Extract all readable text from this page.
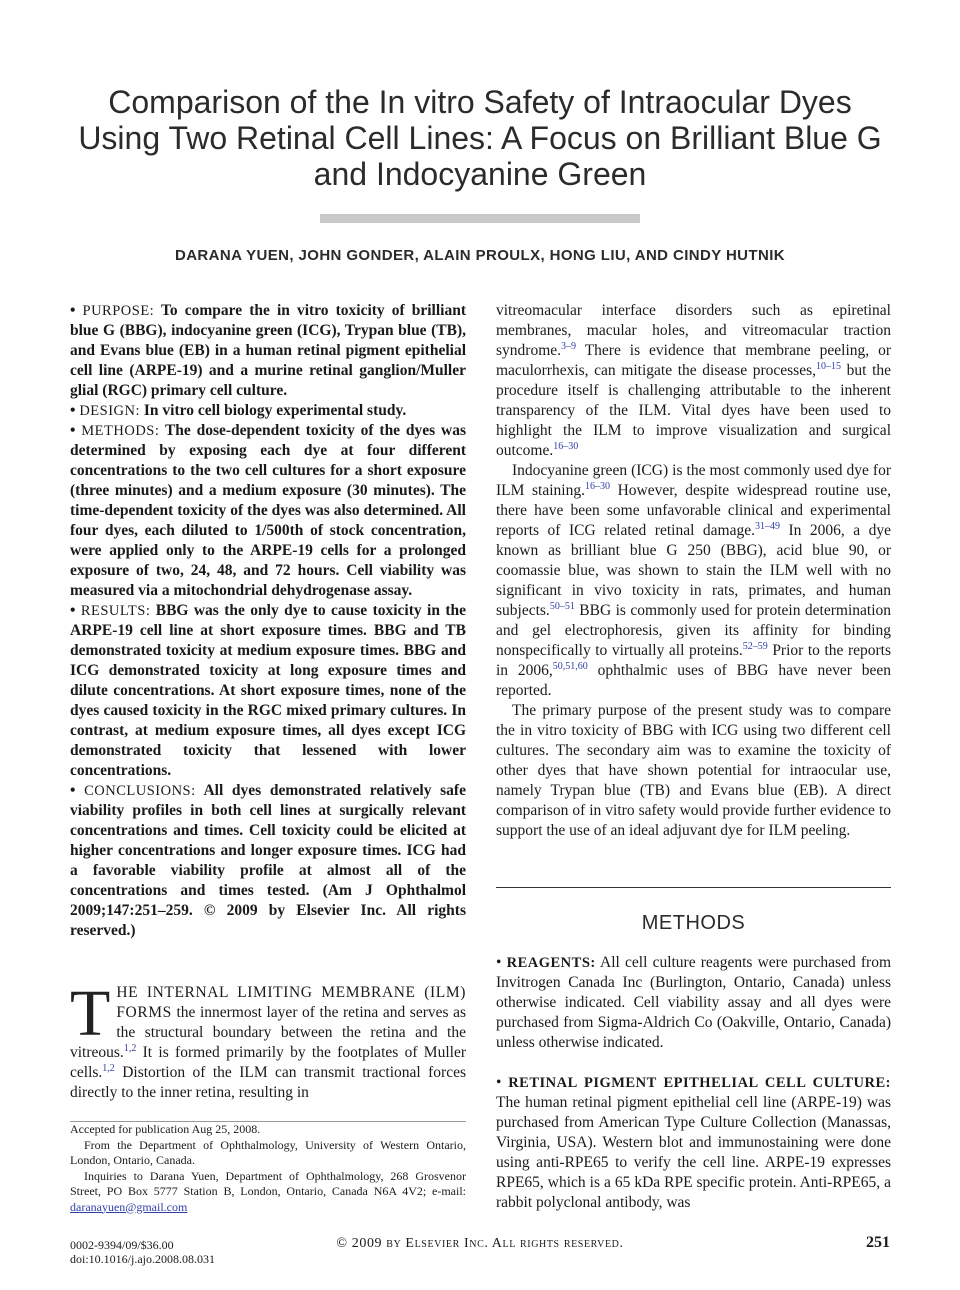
Comparison of the In vitro Safety of Intraocular Dyes Using Two Retinal Cell Lines: A Focus on Brilliant Blue G and Indocyanine Green
DARANA YUEN, JOHN GONDER, ALAIN PROULX, HONG LIU, AND CINDY HUTNIK

• PURPOSE: To compare the in vitro toxicity of brilliant blue G (BBG), indocyanine green (ICG), Trypan blue (TB), and Evans blue (EB) in a human retinal pigment epithelial cell line (ARPE-19) and a murine retinal ganglion/Muller glial (RGC) primary cell culture.

• DESIGN: In vitro cell biology experimental study.

• METHODS: The dose-dependent toxicity of the dyes was determined by exposing each dye at four different concentrations to the two cell cultures for a short exposure (three minutes) and a medium exposure (30 minutes). The time-dependent toxicity of the dyes was also determined. All four dyes, each diluted to 1/500th of stock concentration, were applied only to the ARPE-19 cells for a prolonged exposure of two, 24, 48, and 72 hours. Cell viability was measured via a mitochondrial dehydrogenase assay.

• RESULTS: BBG was the only dye to cause toxicity in the ARPE-19 cell line at short exposure times. BBG and TB demonstrated toxicity at medium exposure times. BBG and ICG demonstrated toxicity at long exposure times and dilute concentrations. At short exposure times, none of the dyes caused toxicity in the RGC mixed primary cultures. In contrast, at medium exposure times, all dyes except ICG demonstrated toxicity that lessened with lower concentrations.

• CONCLUSIONS: All dyes demonstrated relatively safe viability profiles in both cell lines at surgically relevant concentrations and times. Cell toxicity could be elicited at higher concentrations and longer exposure times. ICG had a favorable viability profile at almost all of the concentrations and times tested. (Am J Ophthalmol 2009;147:251–259. © 2009 by Elsevier Inc. All rights reserved.)

T HE INTERNAL LIMITING MEMBRANE (ILM) FORMS the innermost layer of the retina and serves as the structural boundary between the retina and the vitreous.$^{1,2}$ It is formed primarily by the footplates of Muller cells.$^{1,2}$ Distortion of the ILM can transmit tractional forces directly to the inner retina, resulting in

Accepted for publication Aug 25, 2008.

From the Department of Ophthalmology, University of Western Ontario, London, Ontario, Canada.

Inquiries to Darana Yuen, Department of Ophthalmology, 268 Grosvenor Street, PO Box 5777 Station B, London, Ontario, Canada N6A 4V2; e-mail: daranayuen@gmail.com

vitreomacular interface disorders such as epiretinal membranes, macular holes, and vitreomacular traction syndrome.$^{3-9}$ There is evidence that membrane peeling, or maculorrhexis, can mitigate the disease processes,$^{10-15}$ but the procedure itself is challenging attributable to the inherent transparency of the ILM. Vital dyes have been used to highlight the ILM to improve visualization and surgical outcome.$^{16-30}$

Indocyanine green (ICG) is the most commonly used dye for ILM staining.$^{16-30}$ However, despite widespread routine use, there have been some unfavorable clinical and experimental reports of ICG related retinal damage.$^{31-49}$ In 2006, a dye known as brilliant blue G 250 (BBG), acid blue 90, or coomassie blue, was shown to stain the ILM well with no significant in vivo toxicity in rats, primates, and human subjects.$^{50-51}$ BBG is commonly used for protein determination and gel electrophoresis, given its affinity for binding nonspecifically to virtually all proteins.$^{52-59}$ Prior to the reports in 2006,$^{50,51,60}$ ophthalmic uses of BBG have never been reported.

The primary purpose of the present study was to compare the in vitro toxicity of BBG with ICG using two different cell cultures. The secondary aim was to examine the toxicity of other dyes that have shown potential for intraocular use, namely Trypan blue (TB) and Evans blue (EB). A direct comparison of in vitro safety would provide further evidence to support the use of an ideal adjuvant dye for ILM peeling.

METHODS

• REAGENTS: All cell culture reagents were purchased from Invitrogen Canada Inc (Burlington, Ontario, Canada) unless otherwise indicated. Cell viability assay and all dyes were purchased from Sigma-Aldrich Co (Oakville, Ontario, Canada) unless otherwise indicated.

• RETINAL PIGMENT EPITHELIAL CELL CULTURE: The human retinal pigment epithelial cell line (ARPE-19) was purchased from American Type Culture Collection (Manassas, Virginia, USA). Western blot and immunostaining were done using anti-RPE65 to verify the cell line. ARPE-19 expresses RPE65, which is a 65 kDa RPE specific protein. Anti-RPE65, a rabbit polyclonal antibody, was

0002-9394/09/$36.00
doi:10.1016/j.ajo.2008.08.031
© 2009 by Elsevier Inc. All rights reserved.	251
